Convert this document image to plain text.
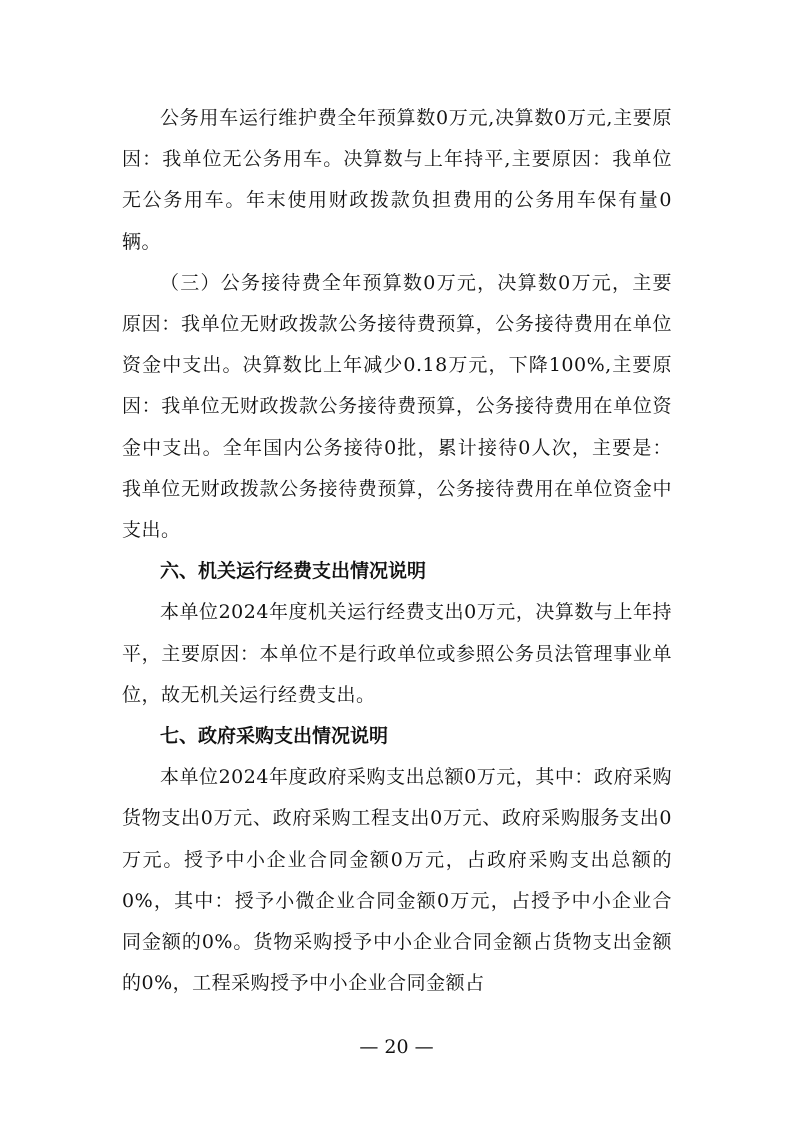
公务用车运行维护费全年预算数0万元,决算数0万元,主要原因：我单位无公务用车。决算数与上年持平,主要原因：我单位无公务用车。年末使用财政拨款负担费用的公务用车保有量0辆。

（三）公务接待费全年预算数0万元，决算数0万元，主要原因：我单位无财政拨款公务接待费预算，公务接待费用在单位资金中支出。决算数比上年减少0.18万元，下降100%,主要原因：我单位无财政拨款公务接待费预算，公务接待费用在单位资金中支出。全年国内公务接待0批，累计接待0人次，主要是：我单位无财政拨款公务接待费预算，公务接待费用在单位资金中支出。

六、机关运行经费支出情况说明

本单位2024年度机关运行经费支出0万元，决算数与上年持平，主要原因：本单位不是行政单位或参照公务员法管理事业单位，故无机关运行经费支出。

七、政府采购支出情况说明

本单位2024年度政府采购支出总额0万元，其中：政府采购货物支出0万元、政府采购工程支出0万元、政府采购服务支出0万元。授予中小企业合同金额0万元，占政府采购支出总额的0%，其中：授予小微企业合同金额0万元，占授予中小企业合同金额的0%。货物采购授予中小企业合同金额占货物支出金额的0%，工程采购授予中小企业合同金额占

— 20 —
